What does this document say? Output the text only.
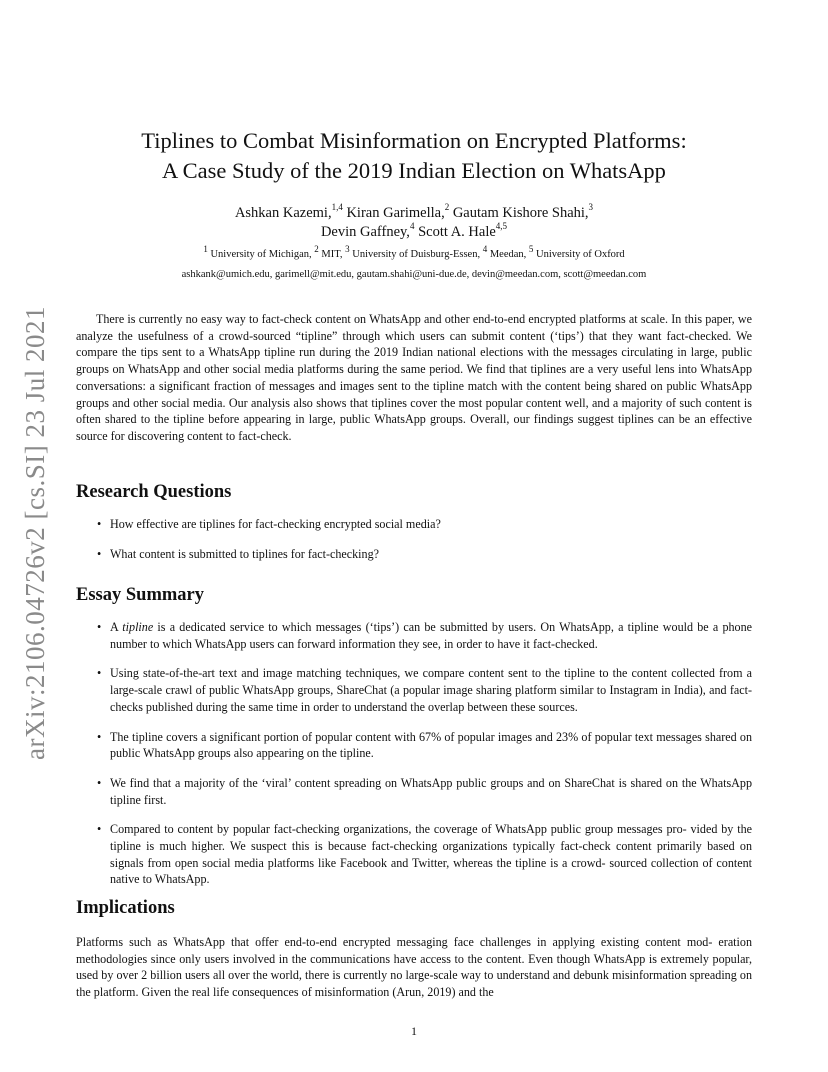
arXiv:2106.04726v2 [cs.SI] 23 Jul 2021
Tiplines to Combat Misinformation on Encrypted Platforms:
A Case Study of the 2019 Indian Election on WhatsApp
Ashkan Kazemi,$^{1,4}$ Kiran Garimella,$^2$ Gautam Kishore Shahi,$^3$
Devin Gaffney,$^4$ Scott A. Hale$^{4,5}$
$^1$ University of Michigan, $^2$ MIT, $^3$ University of Duisburg-Essen, $^4$ Meedan, $^5$ University of Oxford
ashkank@umich.edu, garimell@mit.edu, gautam.shahi@uni-due.de, devin@meedan.com, scott@meedan.com

There is currently no easy way to fact-check content on WhatsApp and other end-to-end encrypted platforms at scale. In this paper, we analyze the usefulness of a crowd-sourced “tipline” through which users can submit content (‘tips’) that they want fact-checked. We compare the tips sent to a WhatsApp tipline run during the 2019 Indian national elections with the messages circulating in large, public groups on WhatsApp and other social media platforms during the same period. We find that tiplines are a very useful lens into WhatsApp conversations: a significant fraction of messages and images sent to the tipline match with the content being shared on public WhatsApp groups and other social media. Our analysis also shows that tiplines cover the most popular content well, and a majority of such content is often shared to the tipline before appearing in large, public WhatsApp groups. Overall, our findings suggest tiplines can be an effective source for discovering content to fact-check.

Research Questions
• How effective are tiplines for fact-checking encrypted social media?
• What content is submitted to tiplines for fact-checking?
Essay Summary
• A tipline is a dedicated service to which messages (‘tips’) can be submitted by users. On WhatsApp, a tipline would be a phone number to which WhatsApp users can forward information they see, in order to have it fact-checked.
• Using state-of-the-art text and image matching techniques, we compare content sent to the tipline to the content collected from a large-scale crawl of public WhatsApp groups, ShareChat (a popular image sharing platform similar to Instagram in India), and fact-checks published during the same time in order to understand the overlap between these sources.
• The tipline covers a significant portion of popular content with 67% of popular images and 23% of popular text messages shared on public WhatsApp groups also appearing on the tipline.
• We find that a majority of the ‘viral’ content spreading on WhatsApp public groups and on ShareChat is shared on the WhatsApp tipline first.
• Compared to content by popular fact-checking organizations, the coverage of WhatsApp public group messages pro- vided by the tipline is much higher. We suspect this is because fact-checking organizations typically fact-check content primarily based on signals from open social media platforms like Facebook and Twitter, whereas the tipline is a crowd- sourced collection of content native to WhatsApp.
Implications

Platforms such as WhatsApp that offer end-to-end encrypted messaging face challenges in applying existing content mod- eration methodologies since only users involved in the communications have access to the content. Even though WhatsApp is extremely popular, used by over 2 billion users all over the world, there is currently no large-scale way to understand and debunk misinformation spreading on the platform. Given the real life consequences of misinformation (Arun, 2019) and the

1
